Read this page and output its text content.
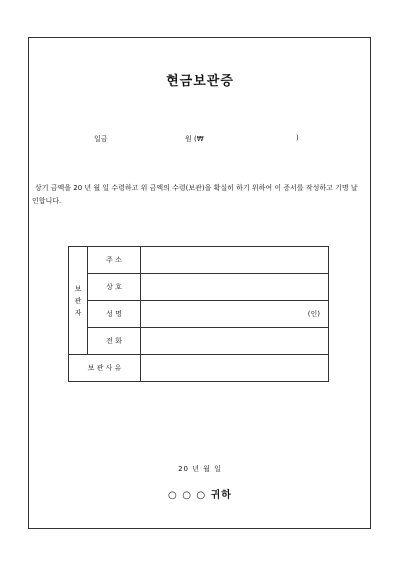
현금보관증
일금	원 (₩	)
상기 금액을 20 년 월 일 수령하고 위 금액의 수령(보관)을 확실히 하기 위하여 이 증서를 작성하고 기명 날인합니다.
보
관
자	주 소	
	상 호	
	성 명	(인)
	전 화	
보 관 사 유		
20 년 월 일
○ ○ ○ 귀하
